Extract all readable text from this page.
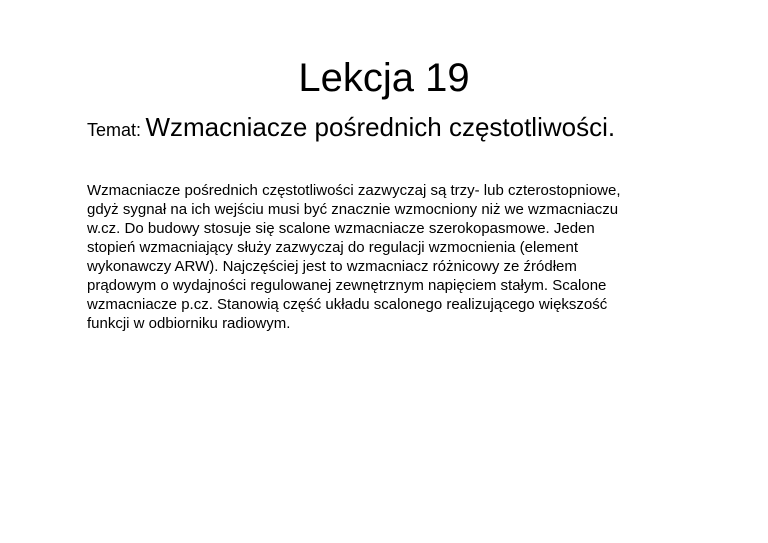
Lekcja 19

Temat: Wzmacniacze pośrednich częstotliwości.

Wzmacniacze pośrednich częstotliwości zazwyczaj są trzy- lub czterostopniowe,
gdyż sygnał na ich wejściu musi być znacznie wzmocniony niż we wzmacniaczu
w.cz. Do budowy stosuje się scalone wzmacniacze szerokopasmowe. Jeden
stopień wzmacniający służy zazwyczaj do regulacji wzmocnienia (element
wykonawczy ARW). Najczęściej jest to wzmacniacz różnicowy ze źródłem
prądowym o wydajności regulowanej zewnętrznym napięciem stałym. Scalone
wzmacniacze p.cz. Stanowią część układu scalonego realizującego większość
funkcji w odbiorniku radiowym.
